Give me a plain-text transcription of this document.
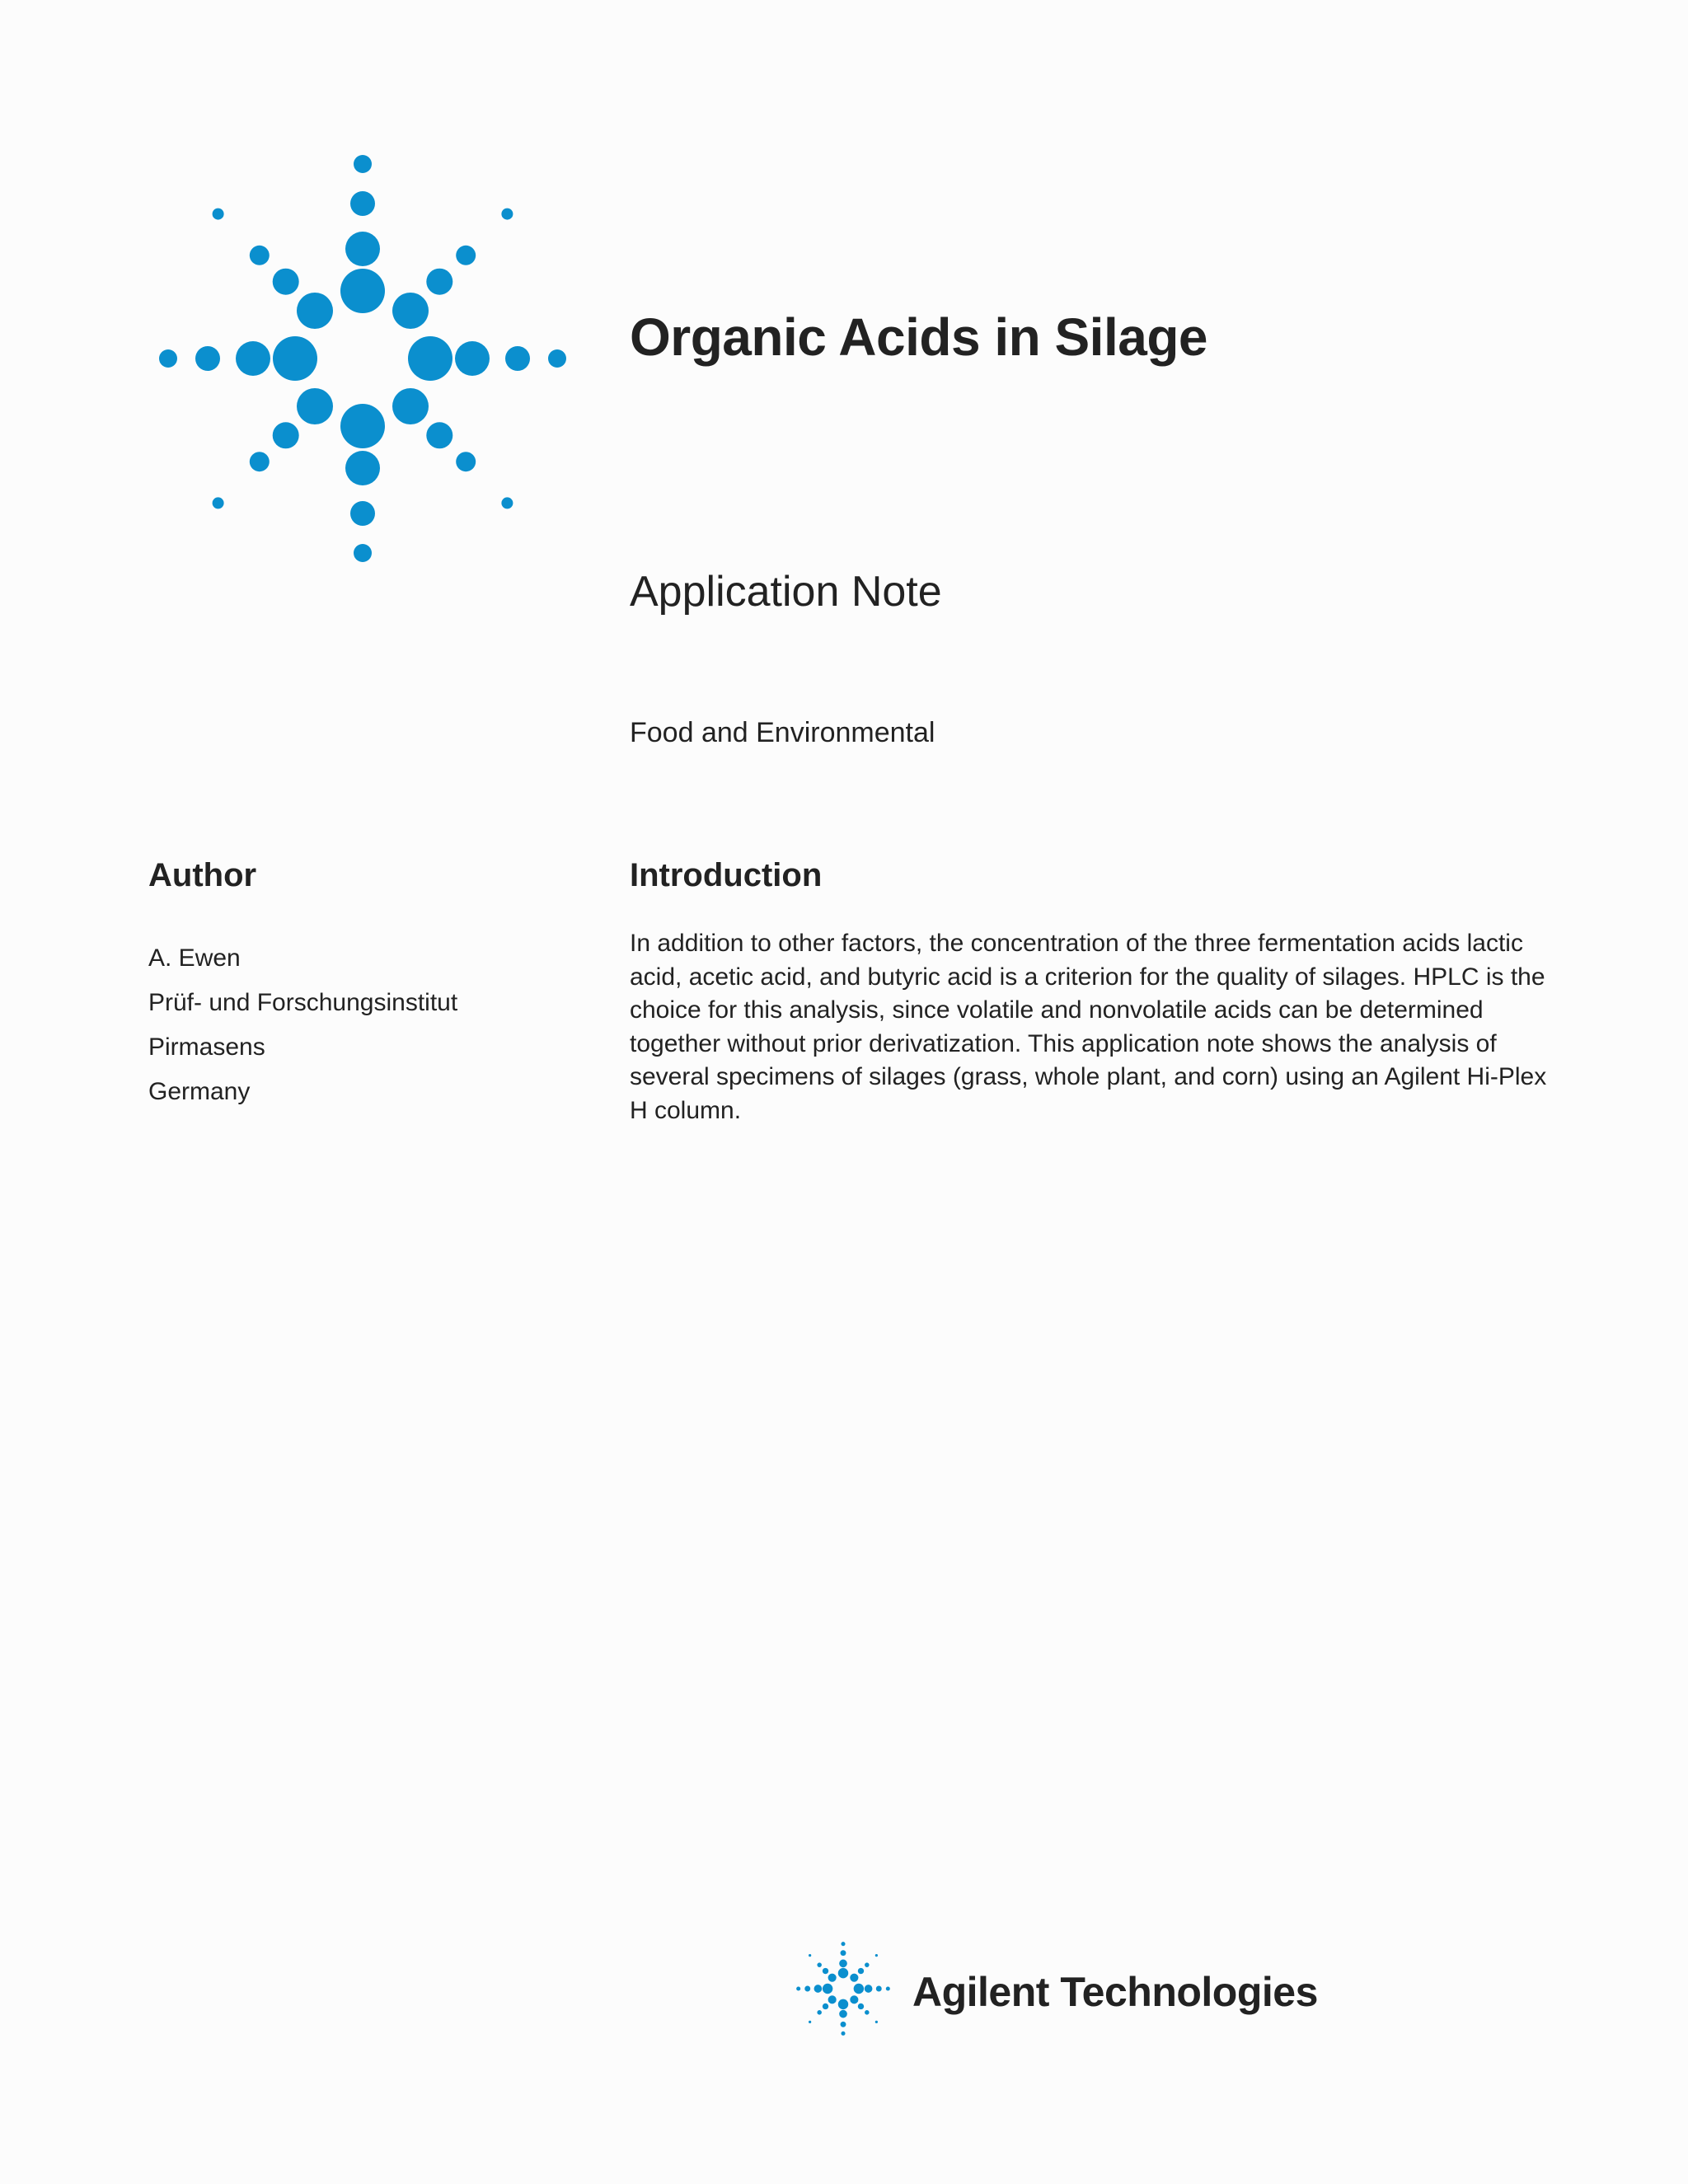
Organic Acids in Silage
Application Note
Food and Environmental
Author
A. Ewen
Prüf- und Forschungsinstitut
Pirmasens
Germany
Introduction

In addition to other factors, the concentration of the three fermentation acids lactic acid, acetic acid, and butyric acid is a criterion for the quality of silages. HPLC is the choice for this analysis, since volatile and nonvolatile acids can be determined together without prior derivatization. This application note shows the analysis of several specimens of silages (grass, whole plant, and corn) using an Agilent Hi-Plex H column.

Agilent Technologies
